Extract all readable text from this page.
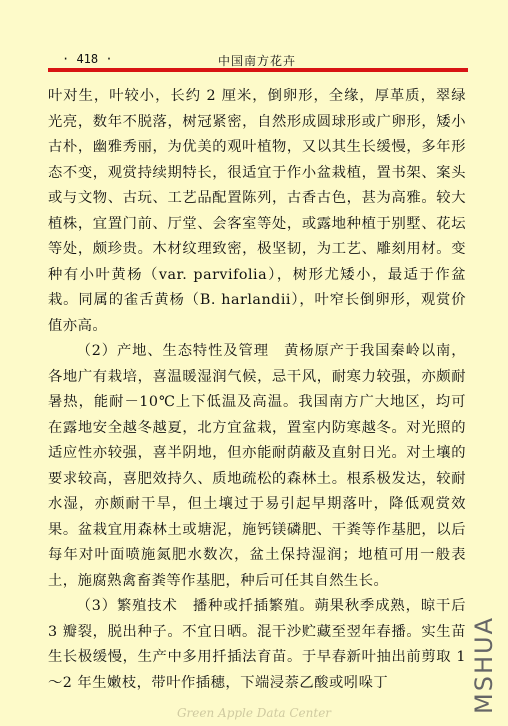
· 418 ·	中国南方花卉

叶对生，叶较小，长约 2 厘米，倒卵形，全缘，厚革质，翠绿光亮，数年不脱落，树冠紧密，自然形成圆球形或广卵形，矮小古朴，幽雅秀丽，为优美的观叶植物，又以其生长缓慢，多年形态不变，观赏持续期特长，很适宜于作小盆栽植，置书架、案头或与文物、古玩、工艺品配置陈列，古香古色，甚为高雅。较大植株，宜置门前、厅堂、会客室等处，或露地种植于别墅、花坛等处，颇珍贵。木材纹理致密，极坚韧，为工艺、雕刻用材。变种有小叶黄杨（var. parvifolia），树形尤矮小，最适于作盆栽。同属的雀舌黄杨（B. harlandii），叶窄长倒卵形，观赏价值亦高。

（2）产地、生态特性及管理　黄杨原产于我国秦岭以南，各地广有栽培，喜温暖湿润气候，忌干风，耐寒力较强，亦颇耐暑热，能耐－10℃上下低温及高温。我国南方广大地区，均可在露地安全越冬越夏，北方宜盆栽，置室内防寒越冬。对光照的适应性亦较强，喜半阴地，但亦能耐荫蔽及直射日光。对土壤的要求较高，喜肥效持久、质地疏松的森林土。根系极发达，较耐水湿，亦颇耐干旱，但土壤过于易引起早期落叶，降低观赏效果。盆栽宜用森林土或塘泥，施钙镁磷肥、干粪等作基肥，以后每年对叶面喷施氮肥水数次，盆土保持湿润；地植可用一般表土，施腐熟禽畜粪等作基肥，种后可任其自然生长。

（3）繁殖技术　播种或扦插繁殖。蒴果秋季成熟，晾干后 3 瓣裂，脱出种子。不宜日晒。混干沙贮藏至翌年春播。实生苗生长极缓慢，生产中多用扦插法育苗。于早春新叶抽出前剪取 1～2 年生嫩枝，带叶作插穗，下端浸萘乙酸或吲哚丁	MSHUA
Green Apple Data Center
